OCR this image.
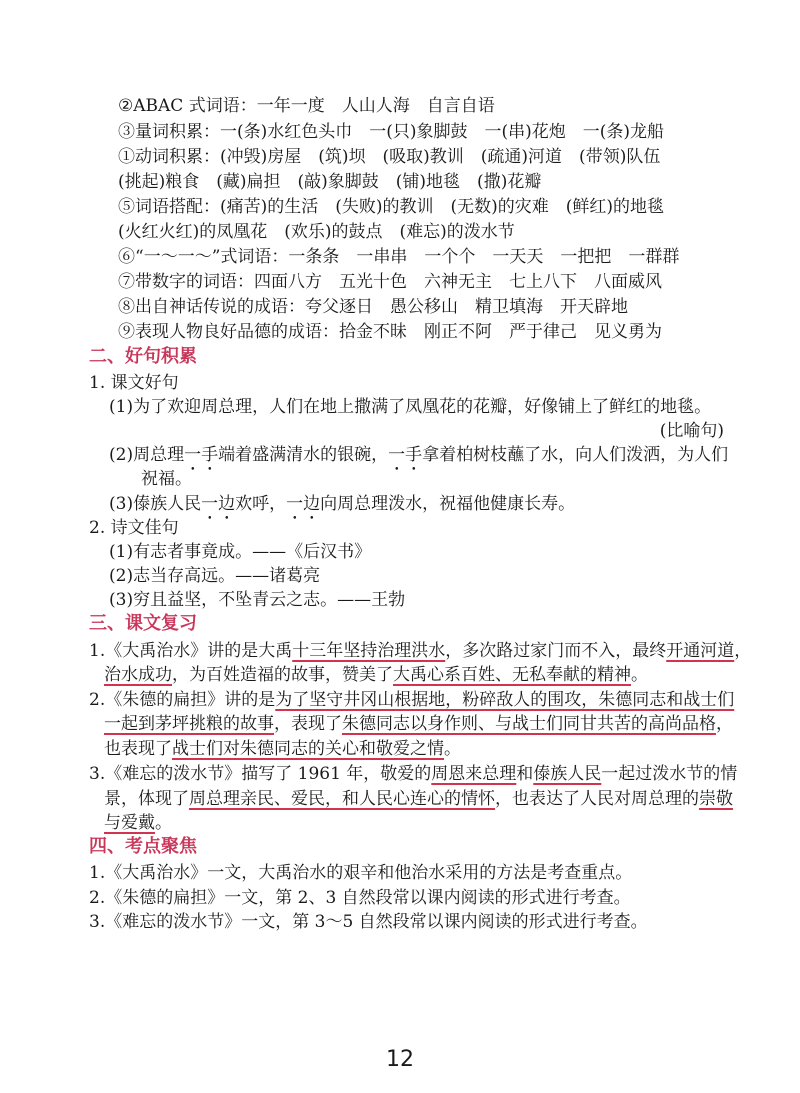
②ABAC 式词语：一年一度　人山人海　自言自语
③量词积累：一(条)水红色头巾　一(只)象脚鼓　一(串)花炮　一(条)龙船
①动词积累：(冲毁)房屋　(筑)坝　(吸取)教训　(疏通)河道　(带领)队伍
(挑起)粮食　(藏)扁担　(敲)象脚鼓　(铺)地毯　(撒)花瓣
⑤词语搭配：(痛苦)的生活　(失败)的教训　(无数)的灾难　(鲜红)的地毯
(火红火红)的凤凰花　(欢乐)的鼓点　(难忘)的泼水节
⑥“一～一～”式词语：一条条　一串串　一个个　一天天　一把把　一群群
⑦带数字的词语：四面八方　五光十色　六神无主　七上八下　八面威风
⑧出自神话传说的成语：夸父逐日　愚公移山　精卫填海　开天辟地
⑨表现人物良好品德的成语：拾金不昧　刚正不阿　严于律己　见义勇为
二、好句积累
1. 课文好句
(1)为了欢迎周总理，人们在地上撒满了凤凰花的花瓣，好像铺上了鲜红的地毯。
(比喻句)
(2)周总理一手端着盛满清水的银碗，一手拿着柏树枝蘸了水，向人们泼洒，为人们
祝福。
(3)傣族人民一边欢呼，一边向周总理泼水，祝福他健康长寿。
2. 诗文佳句
(1)有志者事竟成。——《后汉书》
(2)志当存高远。——诸葛亮
(3)穷且益坚，不坠青云之志。——王勃
三、课文复习
1.《大禹治水》讲的是大禹十三年坚持治理洪水，多次路过家门而不入，最终开通河道，
治水成功，为百姓造福的故事，赞美了大禹心系百姓、无私奉献的精神。
2.《朱德的扁担》讲的是为了坚守井冈山根据地，粉碎敌人的围攻，朱德同志和战士们
一起到茅坪挑粮的故事，表现了朱德同志以身作则、与战士们同甘共苦的高尚品格，
也表现了战士们对朱德同志的关心和敬爱之情。
3.《难忘的泼水节》描写了 1961 年，敬爱的周恩来总理和傣族人民一起过泼水节的情
景，体现了周总理亲民、爱民，和人民心连心的情怀，也表达了人民对周总理的崇敬
与爱戴。
四、考点聚焦
1.《大禹治水》一文，大禹治水的艰辛和他治水采用的方法是考查重点。
2.《朱德的扁担》一文，第 2、3 自然段常以课内阅读的形式进行考查。
3.《难忘的泼水节》一文，第 3～5 自然段常以课内阅读的形式进行考查。
12
